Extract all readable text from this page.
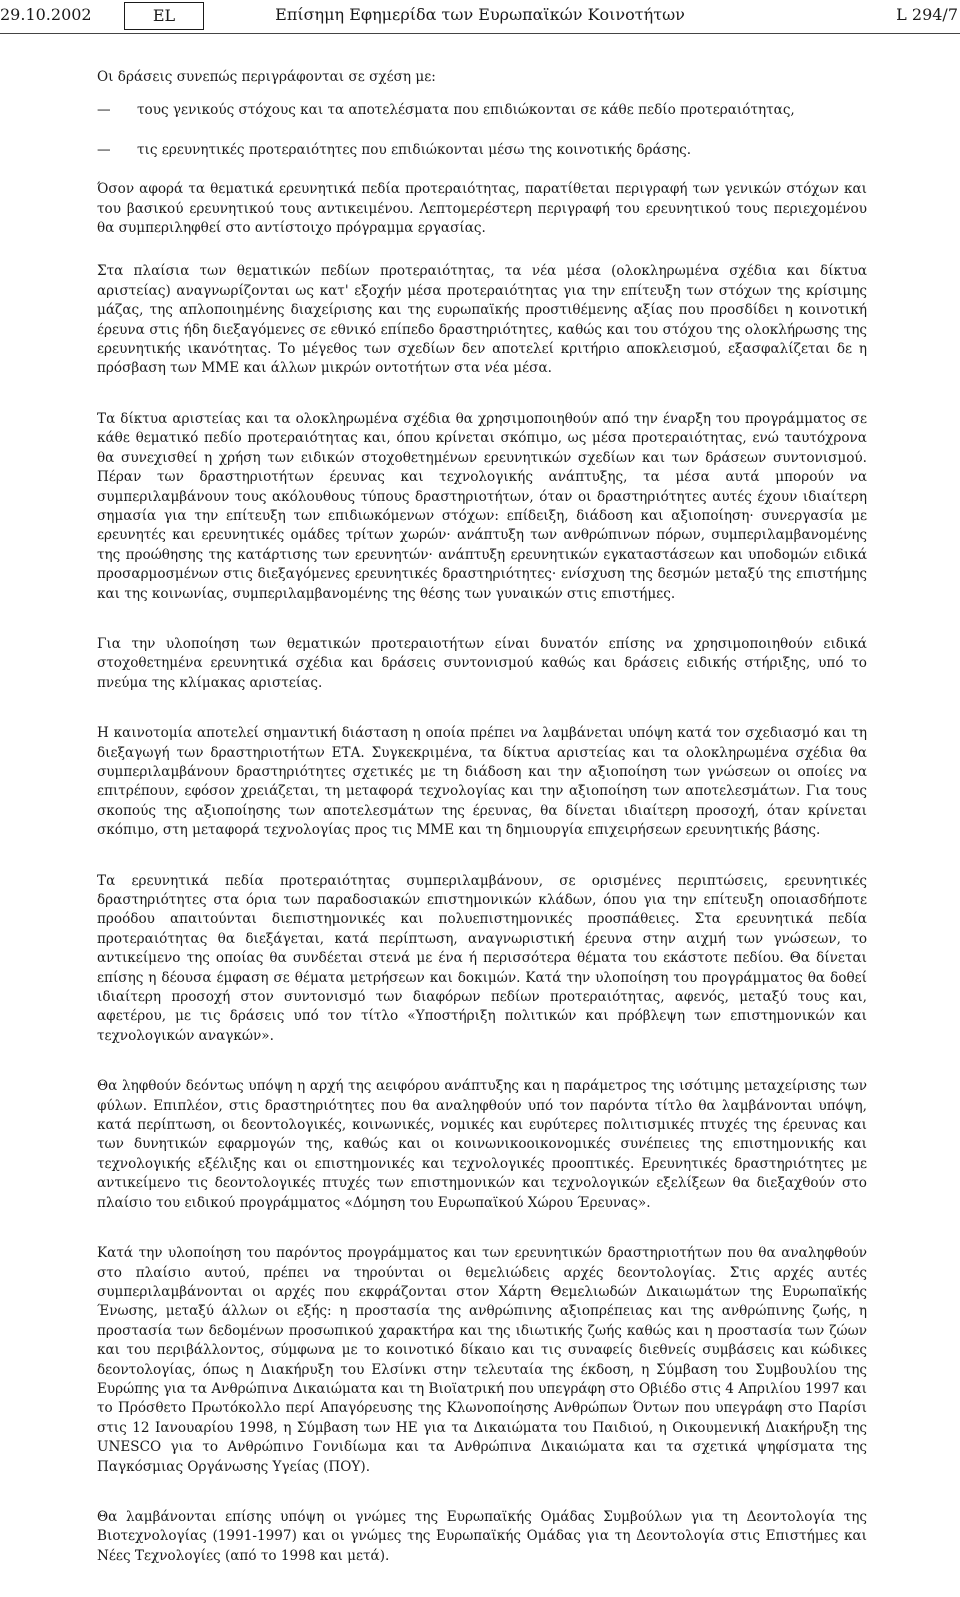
29.10.2002	EL	Επίσημη Εφημερίδα των Ευρωπαϊκών Κοινοτήτων	L 294/7

Οι δράσεις συνεπώς περιγράφονται σε σχέση με:

—	τους γενικούς στόχους και τα αποτελέσματα που επιδιώκονται σε κάθε πεδίο προτεραιότητας,
—	τις ερευνητικές προτεραιότητες που επιδιώκονται μέσω της κοινοτικής δράσης.

Όσον αφορά τα θεματικά ερευνητικά πεδία προτεραιότητας, παρατίθεται περιγραφή των γενικών στόχων και του βασικού ερευνητικού τους αντικειμένου. Λεπτομερέστερη περιγραφή του ερευνητικού τους περιεχομένου θα συμπεριληφθεί στο αντίστοιχο πρόγραμμα εργασίας.

Στα πλαίσια των θεματικών πεδίων προτεραιότητας, τα νέα μέσα (ολοκληρωμένα σχέδια και δίκτυα αριστείας) αναγνωρίζονται ως κατ' εξοχήν μέσα προτεραιότητας για την επίτευξη των στόχων της κρίσιμης μάζας, της απλοποιημένης διαχείρισης και της ευρωπαϊκής προστιθέμενης αξίας που προσδίδει η κοινοτική έρευνα στις ήδη διεξαγόμενες σε εθνικό επίπεδο δραστηριότητες, καθώς και του στόχου της ολοκλήρωσης της ερευνητικής ικανότητας. Το μέγεθος των σχεδίων δεν αποτελεί κριτήριο αποκλεισμού, εξασφαλίζεται δε η πρόσβαση των ΜΜΕ και άλλων μικρών οντοτήτων στα νέα μέσα.

Τα δίκτυα αριστείας και τα ολοκληρωμένα σχέδια θα χρησιμοποιηθούν από την έναρξη του προγράμματος σε κάθε θεματικό πεδίο προτεραιότητας και, όπου κρίνεται σκόπιμο, ως μέσα προτεραιότητας, ενώ ταυτόχρονα θα συνεχισθεί η χρήση των ειδικών στοχοθετημένων ερευνητικών σχεδίων και των δράσεων συντονισμού. Πέραν των δραστηριοτήτων έρευνας και τεχνολογικής ανάπτυξης, τα μέσα αυτά μπορούν να συμπεριλαμβάνουν τους ακόλουθους τύπους δραστηριοτήτων, όταν οι δραστηριότητες αυτές έχουν ιδιαίτερη σημασία για την επίτευξη των επιδιωκόμενων στόχων: επίδειξη, διάδοση και αξιοποίηση· συνεργασία με ερευνητές και ερευνητικές ομάδες τρίτων χωρών· ανάπτυξη των ανθρώπινων πόρων, συμπεριλαμβανομένης της προώθησης της κατάρτισης των ερευνητών· ανάπτυξη ερευνητικών εγκαταστάσεων και υποδομών ειδικά προσαρμοσμένων στις διεξαγόμενες ερευνητικές δραστηριότητες· ενίσχυση της δεσμών μεταξύ της επιστήμης και της κοινωνίας, συμπεριλαμβανομένης της θέσης των γυναικών στις επιστήμες.

Για την υλοποίηση των θεματικών προτεραιοτήτων είναι δυνατόν επίσης να χρησιμοποιηθούν ειδικά στοχοθετημένα ερευνητικά σχέδια και δράσεις συντονισμού καθώς και δράσεις ειδικής στήριξης, υπό το πνεύμα της κλίμακας αριστείας.

Η καινοτομία αποτελεί σημαντική διάσταση η οποία πρέπει να λαμβάνεται υπόψη κατά τον σχεδιασμό και τη διεξαγωγή των δραστηριοτήτων ΕΤΑ. Συγκεκριμένα, τα δίκτυα αριστείας και τα ολοκληρωμένα σχέδια θα συμπεριλαμβάνουν δραστηριότητες σχετικές με τη διάδοση και την αξιοποίηση των γνώσεων οι οποίες να επιτρέπουν, εφόσον χρειάζεται, τη μεταφορά τεχνολογίας και την αξιοποίηση των αποτελεσμάτων. Για τους σκοπούς της αξιοποίησης των αποτελεσμάτων της έρευνας, θα δίνεται ιδιαίτερη προσοχή, όταν κρίνεται σκόπιμο, στη μεταφορά τεχνολογίας προς τις ΜΜΕ και τη δημιουργία επιχειρήσεων ερευνητικής βάσης.

Τα ερευνητικά πεδία προτεραιότητας συμπεριλαμβάνουν, σε ορισμένες περιπτώσεις, ερευνητικές δραστηριότητες στα όρια των παραδοσιακών επιστημονικών κλάδων, όπου για την επίτευξη οποιασδήποτε προόδου απαιτούνται διεπιστημονικές και πολυεπιστημονικές προσπάθειες. Στα ερευνητικά πεδία προτεραιότητας θα διεξάγεται, κατά περίπτωση, αναγνωριστική έρευνα στην αιχμή των γνώσεων, το αντικείμενο της οποίας θα συνδέεται στενά με ένα ή περισσότερα θέματα του εκάστοτε πεδίου. Θα δίνεται επίσης η δέουσα έμφαση σε θέματα μετρήσεων και δοκιμών. Κατά την υλοποίηση του προγράμματος θα δοθεί ιδιαίτερη προσοχή στον συντονισμό των διαφόρων πεδίων προτεραιότητας, αφενός, μεταξύ τους και, αφετέρου, με τις δράσεις υπό τον τίτλο «Υποστήριξη πολιτικών και πρόβλεψη των επιστημονικών και τεχνολογικών αναγκών».

Θα ληφθούν δεόντως υπόψη η αρχή της αειφόρου ανάπτυξης και η παράμετρος της ισότιμης μεταχείρισης των φύλων. Επιπλέον, στις δραστηριότητες που θα αναληφθούν υπό τον παρόντα τίτλο θα λαμβάνονται υπόψη, κατά περίπτωση, οι δεοντολογικές, κοινωνικές, νομικές και ευρύτερες πολιτισμικές πτυχές της έρευνας και των δυνητικών εφαρμογών της, καθώς και οι κοινωνικοοικονομικές συνέπειες της επιστημονικής και τεχνολογικής εξέλιξης και οι επιστημονικές και τεχνολογικές προοπτικές. Ερευνητικές δραστηριότητες με αντικείμενο τις δεοντολογικές πτυχές των επιστημονικών και τεχνολογικών εξελίξεων θα διεξαχθούν στο πλαίσιο του ειδικού προγράμματος «Δόμηση του Ευρωπαϊκού Χώρου Έρευνας».

Κατά την υλοποίηση του παρόντος προγράμματος και των ερευνητικών δραστηριοτήτων που θα αναληφθούν στο πλαίσιο αυτού, πρέπει να τηρούνται οι θεμελιώδεις αρχές δεοντολογίας. Στις αρχές αυτές συμπεριλαμβάνονται οι αρχές που εκφράζονται στον Χάρτη Θεμελιωδών Δικαιωμάτων της Ευρωπαϊκής Ένωσης, μεταξύ άλλων οι εξής: η προστασία της ανθρώπινης αξιοπρέπειας και της ανθρώπινης ζωής, η προστασία των δεδομένων προσωπικού χαρακτήρα και της ιδιωτικής ζωής καθώς και η προστασία των ζώων και του περιβάλλοντος, σύμφωνα με το κοινοτικό δίκαιο και τις συναφείς διεθνείς συμβάσεις και κώδικες δεοντολογίας, όπως η Διακήρυξη του Ελσίνκι στην τελευταία της έκδοση, η Σύμβαση του Συμβουλίου της Ευρώπης για τα Ανθρώπινα Δικαιώματα και τη Βιοϊατρική που υπεγράφη στο Οβιέδο στις 4 Απριλίου 1997 και το Πρόσθετο Πρωτόκολλο περί Απαγόρευσης της Κλωνοποίησης Ανθρώπων Όντων που υπεγράφη στο Παρίσι στις 12 Ιανουαρίου 1998, η Σύμβαση των ΗΕ για τα Δικαιώματα του Παιδιού, η Οικουμενική Διακήρυξη της UNESCO για το Ανθρώπινο Γονιδίωμα και τα Ανθρώπινα Δικαιώματα και τα σχετικά ψηφίσματα της Παγκόσμιας Οργάνωσης Υγείας (ΠΟΥ).

Θα λαμβάνονται επίσης υπόψη οι γνώμες της Ευρωπαϊκής Ομάδας Συμβούλων για τη Δεοντολογία της Βιοτεχνολογίας (1991-1997) και οι γνώμες της Ευρωπαϊκής Ομάδας για τη Δεοντολογία στις Επιστήμες και Νέες Τεχνολογίες (από το 1998 και μετά).
